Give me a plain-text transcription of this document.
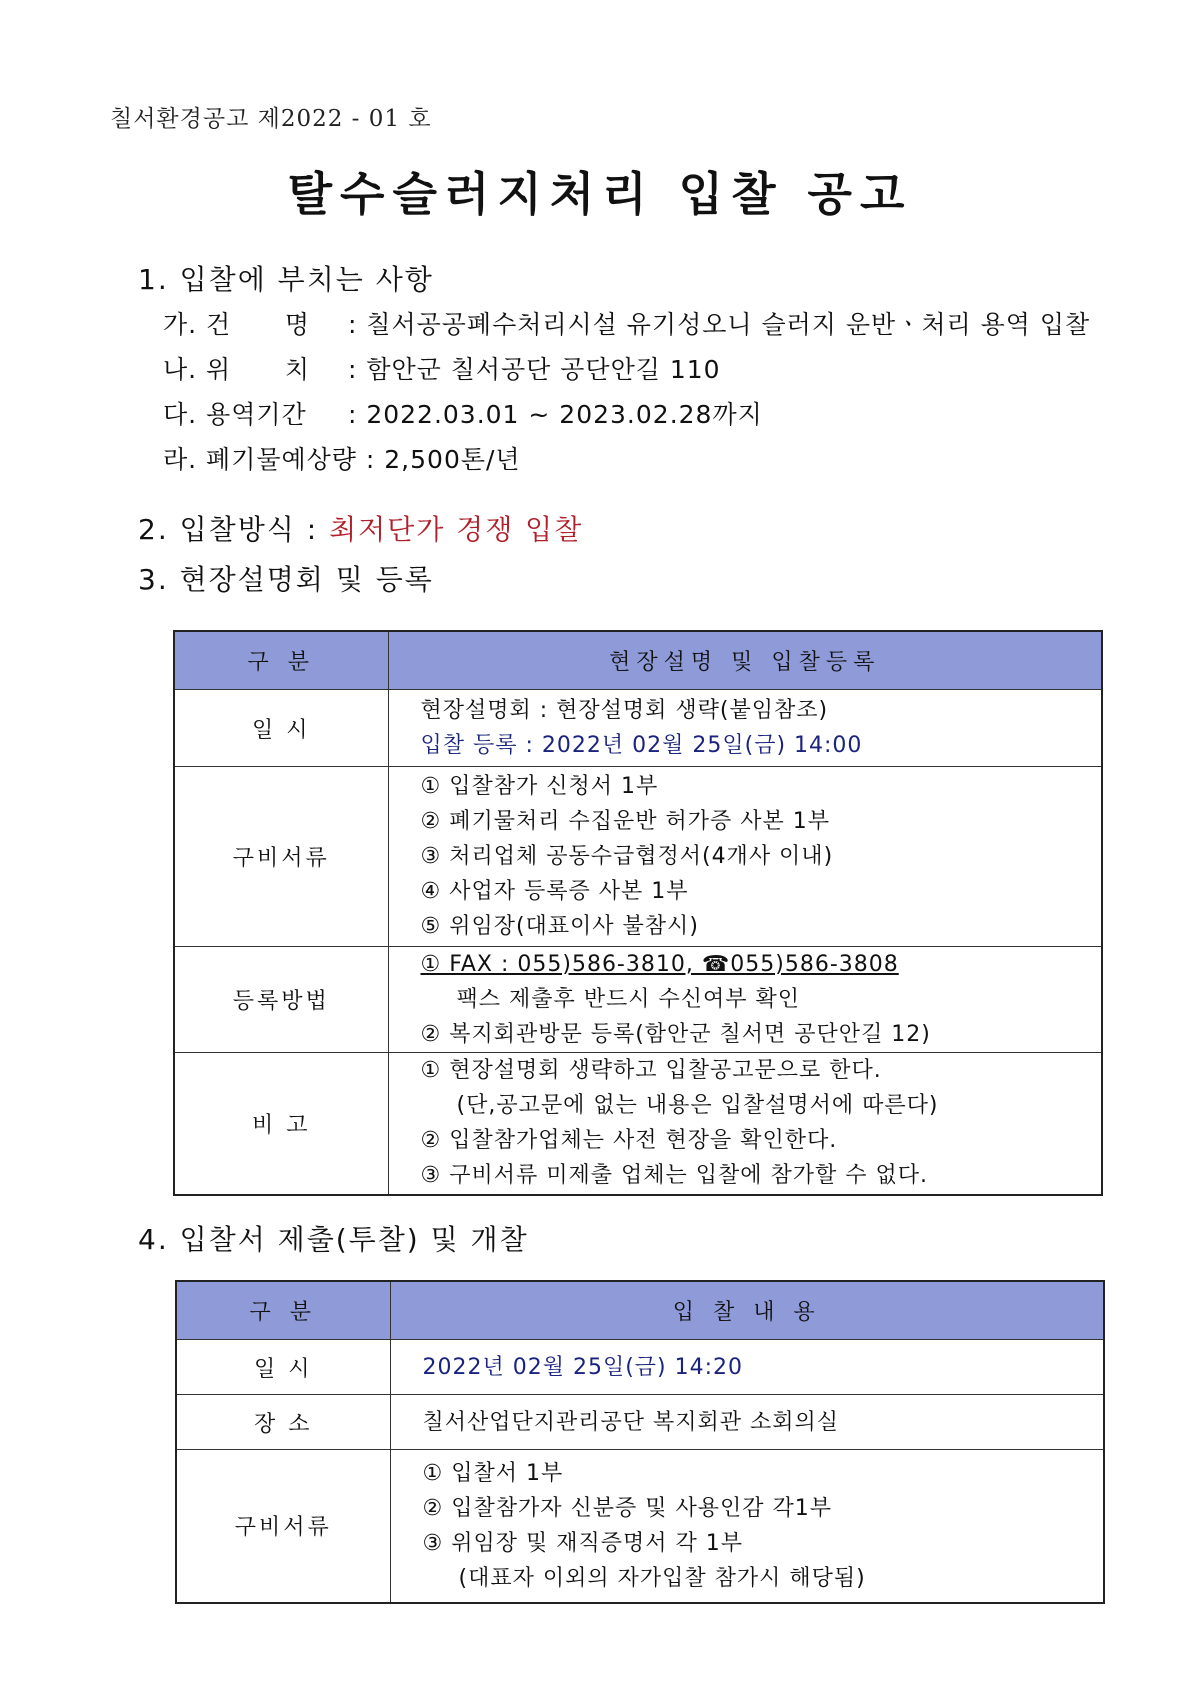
칠서환경공고 제2022 - 01 호
탈수슬러지처리 입찰 공고
1. 입찰에 부치는 사항
가. 건      명 : 칠서공공폐수처리시설 유기성오니 슬러지 운반ㆍ처리 용역 입찰
나. 위      치 : 함안군 칠서공단 공단안길 110
다. 용역기간 : 2022.03.01 ~ 2023.02.28까지
라. 폐기물예상량 : 2,500톤/년
2. 입찰방식 : 최저단가 경쟁 입찰
3. 현장설명회 및 등록
구 분	현장설명 및 입찰등록
일 시	현장설명회 : 현장설명회 생략(붙임참조)
입찰 등록 : 2022년 02월 25일(금) 14:00

구비서류	① 입찰참가 신청서 1부
② 폐기물처리 수집운반 허가증 사본 1부
③ 처리업체 공동수급협정서(4개사 이내)
④ 사업자 등록증 사본 1부
⑤ 위임장(대표이사 불참시)

등록방법	① FAX : 055)586-3810, ☎055)586-3808
팩스 제출후 반드시 수신여부 확인
② 복지회관방문 등록(함안군 칠서면 공단안길 12)

비 고	① 현장설명회 생략하고 입찰공고문으로 한다.
(단,공고문에 없는 내용은 입찰설명서에 따른다)
② 입찰참가업체는 사전 현장을 확인한다.
③ 구비서류 미제출 업체는 입찰에 참가할 수 없다.
4. 입찰서 제출(투찰) 및 개찰
구 분	입 찰 내 용
일 시	2022년 02월 25일(금) 14:20

장 소	칠서산업단지관리공단 복지회관 소회의실

구비서류	① 입찰서 1부
② 입찰참가자 신분증 및 사용인감 각1부
③ 위임장 및 재직증명서 각 1부
(대표자 이외의 자가입찰 참가시 해당됨)
